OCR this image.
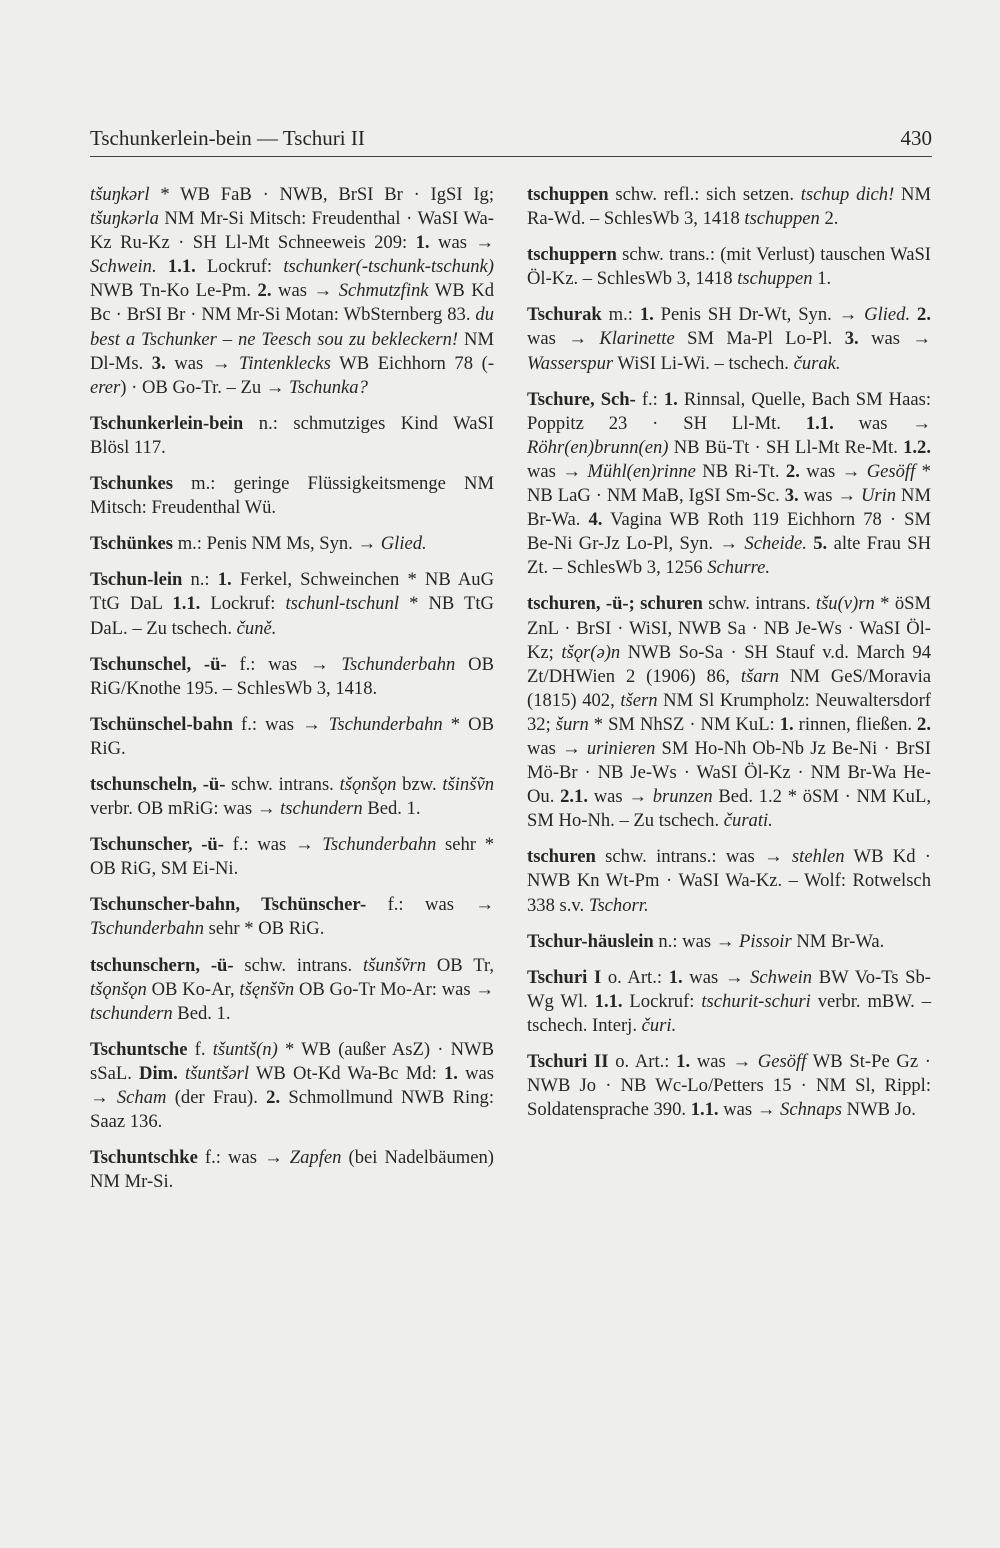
Tschunkerlein-bein — Tschuri II	430

tšuŋkərl * WB FaB · NWB, BrSI Br · IgSI Ig; tšuŋkərla NM Mr-Si Mitsch: Freudenthal · WaSI Wa-Kz Ru-Kz · SH Ll-Mt Schneeweis 209: 1. was → Schwein. 1.1. Lockruf: tschunker(-tschunk-tschunk) NWB Tn-Ko Le-Pm. 2. was → Schmutzfink WB Kd Bc · BrSI Br · NM Mr-Si Motan: WbSternberg 83. du best a Tschunker – ne Teesch sou zu bekleckern! NM Dl-Ms. 3. was → Tintenklecks WB Eichhorn 78 (-erer) · OB Go-Tr. – Zu → Tschunka?

Tschunkerlein-bein n.: schmutziges Kind WaSI Blösl 117.

Tschunkes m.: geringe Flüssigkeitsmenge NM Mitsch: Freudenthal Wü.

Tschünkes m.: Penis NM Ms, Syn. → Glied.

Tschun-lein n.: 1. Ferkel, Schweinchen * NB AuG TtG DaL 1.1. Lockruf: tschunl-tschunl * NB TtG DaL. – Zu tschech. čuně.

Tschunschel, -ü- f.: was → Tschunderbahn OB RiG/Knothe 195. – SchlesWb 3, 1418.

Tschünschel-bahn f.: was → Tschunderbahn * OB RiG.

tschunscheln, -ü- schw. intrans. tšǫnšǫn bzw. tšinšṽn verbr. OB mRiG: was → tschundern Bed. 1.

Tschunscher, -ü- f.: was → Tschunderbahn sehr * OB RiG, SM Ei-Ni.

Tschunscher-bahn, Tschünscher- f.: was → Tschunderbahn sehr * OB RiG.

tschunschern, -ü- schw. intrans. tšunšṽrn OB Tr, tšǫnšǫn OB Ko-Ar, tšęnšṽn OB Go-Tr Mo-Ar: was → tschundern Bed. 1.

Tschuntsche f. tšuntš(n) * WB (außer AsZ) · NWB sSaL. Dim. tšuntšərl WB Ot-Kd Wa-Bc Md: 1. was → Scham (der Frau). 2. Schmollmund NWB Ring: Saaz 136.

Tschuntschke f.: was → Zapfen (bei Nadelbäumen) NM Mr-Si.

tschuppen schw. refl.: sich setzen. tschup dich! NM Ra-Wd. – SchlesWb 3, 1418 tschuppen 2.

tschuppern schw. trans.: (mit Verlust) tauschen WaSI Öl-Kz. – SchlesWb 3, 1418 tschuppen 1.

Tschurak m.: 1. Penis SH Dr-Wt, Syn. → Glied. 2. was → Klarinette SM Ma-Pl Lo-Pl. 3. was → Wasserspur WiSI Li-Wi. – tschech. čurak.

Tschure, Sch- f.: 1. Rinnsal, Quelle, Bach SM Haas: Poppitz 23 · SH Ll-Mt. 1.1. was → Röhr(en)brunn(en) NB Bü-Tt · SH Ll-Mt Re-Mt. 1.2. was → Mühl(en)rinne NB Ri-Tt. 2. was → Gesöff * NB LaG · NM MaB, IgSI Sm-Sc. 3. was → Urin NM Br-Wa. 4. Vagina WB Roth 119 Eichhorn 78 · SM Be-Ni Gr-Jz Lo-Pl, Syn. → Scheide. 5. alte Frau SH Zt. – SchlesWb 3, 1256 Schurre.

tschuren, -ü-; schuren schw. intrans. tšu(v)rn * öSM ZnL · BrSI · WiSI, NWB Sa · NB Je-Ws · WaSI Öl-Kz; tšǫr(ə)n NWB So-Sa · SH Stauf v.d. March 94 Zt/DHWien 2 (1906) 86, tšarn NM GeS/Moravia (1815) 402, tšern NM Sl Krumpholz: Neuwaltersdorf 32; šurn * SM NhSZ · NM KuL: 1. rinnen, fließen. 2. was → urinieren SM Ho-Nh Ob-Nb Jz Be-Ni · BrSI Mö-Br · NB Je-Ws · WaSI Öl-Kz · NM Br-Wa He-Ou. 2.1. was → brunzen Bed. 1.2 * öSM · NM KuL, SM Ho-Nh. – Zu tschech. čurati.

tschuren schw. intrans.: was → stehlen WB Kd · NWB Kn Wt-Pm · WaSI Wa-Kz. – Wolf: Rotwelsch 338 s.v. Tschorr.

Tschur-häuslein n.: was → Pissoir NM Br-Wa.

Tschuri I o. Art.: 1. was → Schwein BW Vo-Ts Sb-Wg Wl. 1.1. Lockruf: tschurit-schuri verbr. mBW. – tschech. Interj. čuri.

Tschuri II o. Art.: 1. was → Gesöff WB St-Pe Gz · NWB Jo · NB Wc-Lo/Petters 15 · NM Sl, Rippl: Soldatensprache 390. 1.1. was → Schnaps NWB Jo.
